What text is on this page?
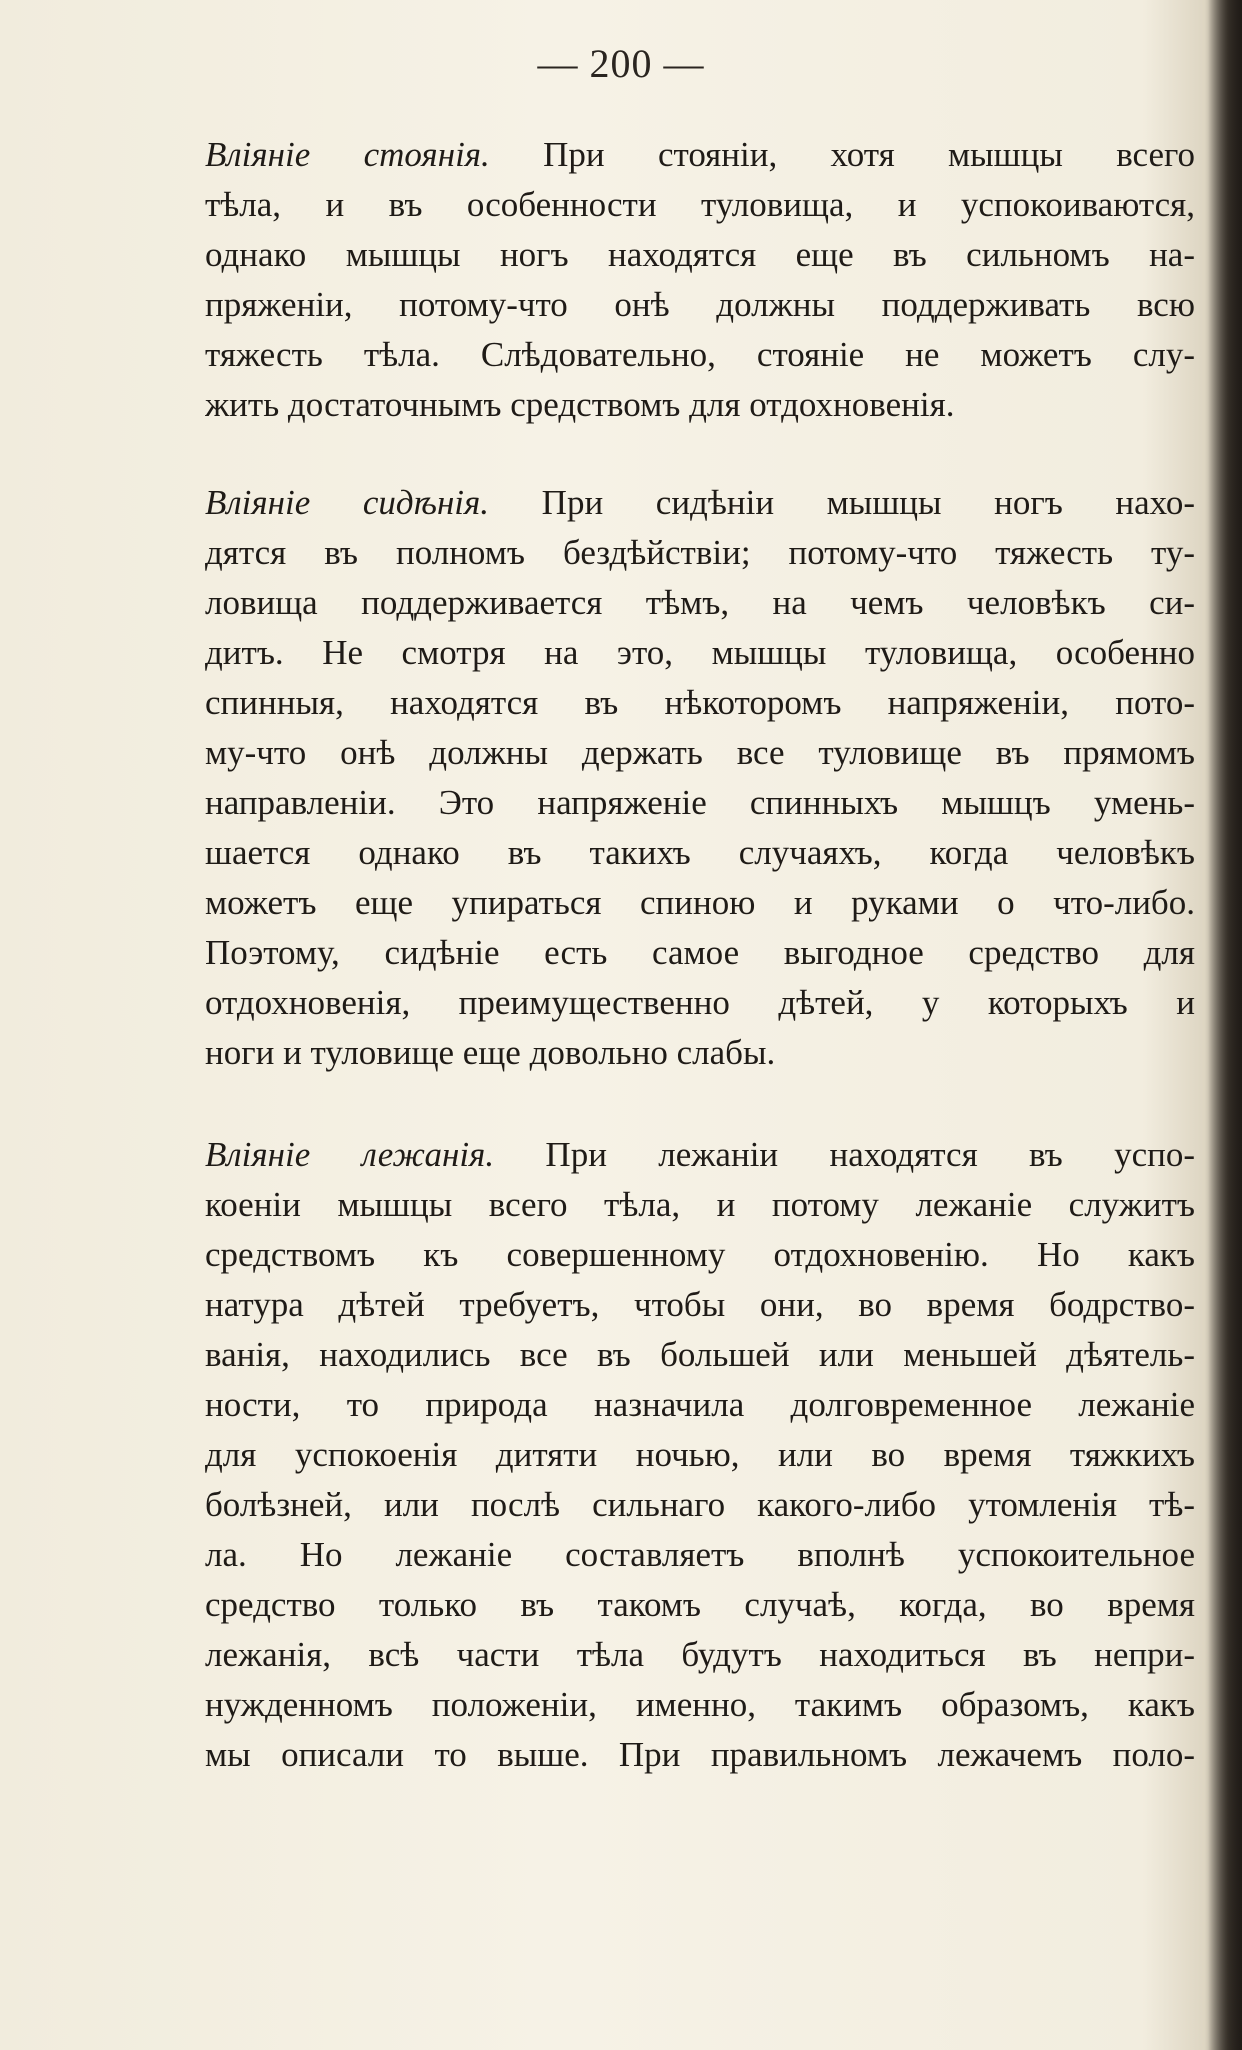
— 200 —
Влiянiе стоянiя. При стоянiи, хотя мышцы всего
тѣла, и въ особенности туловища, и успокоиваются,
однако мышцы ногъ находятся еще въ сильномъ на-
пряженiи, потому-что онѣ должны поддерживать всю
тяжесть тѣла. Слѣдовательно, стоянiе не можетъ слу-
жить достаточнымъ средствомъ для отдохновенiя.
Влiянiе сидѣнiя. При сидѣнiи мышцы ногъ нахо-
дятся въ полномъ бездѣйствiи; потому-что тяжесть ту-
ловища поддерживается тѣмъ, на чемъ человѣкъ си-
дитъ. Не смотря на это, мышцы туловища, особенно
спинныя, находятся въ нѣкоторомъ напряженiи, пото-
му-что онѣ должны держать все туловище въ прямомъ
направленiи. Это напряженiе спинныхъ мышцъ умень-
шается однако въ такихъ случаяхъ, когда человѣкъ
можетъ еще упираться спиною и руками о что-либо.
Поэтому, сидѣнiе есть самое выгодное средство для
отдохновенiя, преимущественно дѣтей, у которыхъ и
ноги и туловище еще довольно слабы.
Влiянiе лежанiя. При лежанiи находятся въ успо-
коенiи мышцы всего тѣла, и потому лежанiе служитъ
средствомъ къ совершенному отдохновенiю. Но какъ
натура дѣтей требуетъ, чтобы они, во время бодрство-
ванiя, находились все въ большей или меньшей дѣятель-
ности, то природа назначила долговременное лежанiе
для успокоенiя дитяти ночью, или во время тяжкихъ
болѣзней, или послѣ сильнаго какого-либо утомленiя тѣ-
ла. Но лежанiе составляетъ вполнѣ успокоительное
средство только въ такомъ случаѣ, когда, во время
лежанiя, всѣ части тѣла будутъ находиться въ непри-
нужденномъ положенiи, именно, такимъ образомъ, какъ
мы описали то выше. При правильномъ лежачемъ поло-
